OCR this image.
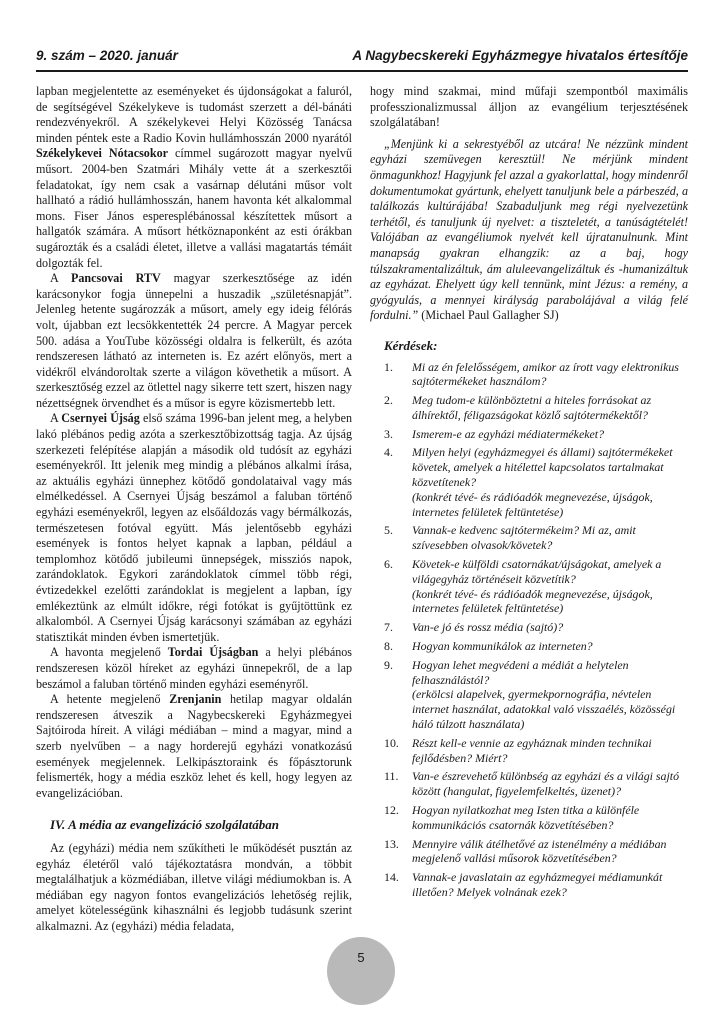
9. szám – 2020. január	A Nagybecskereki Egyházmegye hivatalos értesítője

lapban megjelentette az eseményeket és újdonságokat a faluról, de segítségével Székelykeve is tudomást szerzett a dél-bánáti rendezvényekről. A székelykevei Helyi Közösség Tanácsa minden péntek este a Radio Kovin hullámhosszán 2000 nyarától Székelykevei Nótacsokor címmel sugározott magyar nyelvű műsort. 2004-ben Szatmári Mihály vette át a szerkesztői feladatokat, így nem csak a vasárnap délutáni műsor volt hallható a rádió hullámhosszán, hanem havonta két alkalommal mons. Fiser János esperesplébánossal készítettek műsort a hallgatók számára. A műsort hétköznaponként az esti órákban sugározták és a családi életet, illetve a vallási magatartás témáit dolgozták fel.

A Pancsovai RTV magyar szerkesztősége az idén karácsonykor fogja ünnepelni a huszadik „születésnapját”. Jelenleg hetente sugározzák a műsort, amely egy ideig félórás volt, újabban ezt lecsökkentették 24 percre. A Magyar percek 500. adása a YouTube közösségi oldalra is felkerült, és azóta rendszeresen látható az interneten is. Ez azért előnyös, mert a vidékről elvándoroltak szerte a világon követhetik a műsort. A szerkesztőség ezzel az ötlettel nagy sikerre tett szert, hiszen nagy nézettségnek örvendhet és a műsor is egyre közismertebb lett.

A Csernyei Újság első száma 1996-ban jelent meg, a helyben lakó plébános pedig azóta a szerkesztőbizottság tagja. Az újság szerkezeti felépítése alapján a második old tudósít az egyházi eseményekről. Itt jelenik meg mindig a plébános alkalmi írása, az aktuális egyházi ünnephez kötődő gondolataival vagy más elmélkedéssel. A Csernyei Újság beszámol a faluban történő egyházi eseményekről, legyen az elsőáldozás vagy bérmálkozás, természetesen fotóval együtt. Más jelentősebb egyházi események is fontos helyet kapnak a lapban, például a templomhoz kötődő jubileumi ünnepségek, missziós napok, zarándoklatok. Egykori zarándoklatok címmel több régi, évtizedekkel ezelőtti zarándoklat is megjelent a lapban, így emlékeztünk az elmúlt időkre, régi fotókat is gyűjtöttünk ez alkalomból. A Csernyei Újság karácsonyi számában az egyházi statisztikát minden évben ismertetjük.

A havonta megjelenő Tordai Újságban a helyi plébános rendszeresen közöl híreket az egyházi ünnepekről, de a lap beszámol a faluban történő minden egyházi eseményről.

A hetente megjelenő Zrenjanin hetilap magyar oldalán rendszeresen átveszik a Nagybecskereki Egyházmegyei Sajtóiroda híreit. A világi médiában – mind a magyar, mind a szerb nyelvűben – a nagy horderejű egyházi vonatkozású események megjelennek. Lelkipásztoraink és főpásztorunk felismerték, hogy a média eszköz lehet és kell, hogy legyen az evangelizációban.

IV. A média az evangelizáció szolgálatában

Az (egyházi) média nem szűkítheti le működését pusztán az egyház életéről való tájékoztatásra mondván, a többit megtalálhatjuk a közmédiában, illetve világi médiumokban is. A médiában egy nagyon fontos evangelizációs lehetőség rejlik, amelyet kötelességünk kihasználni és legjobb tudásunk szerint alkalmazni. Az (egyházi) média feladata,

hogy mind szakmai, mind műfaji szempontból maximális professzionalizmussal álljon az evangélium terjesztésének szolgálatában!

„Menjünk ki a sekrestyéből az utcára! Ne nézzünk mindent egyházi szemüvegen keresztül! Ne mérjünk mindent önmagunkhoz! Hagyjunk fel azzal a gyakorlattal, hogy mindenről dokumentumokat gyártunk, ehelyett tanuljunk bele a párbeszéd, a találkozás kultúrájába! Szabaduljunk meg régi nyelvezetünk terhétől, és tanuljunk új nyelvet: a tiszteletét, a tanúságtételét! Valójában az evangéliumok nyelvét kell újratanulnunk. Mint manapság gyakran elhangzik: az a baj, hogy túlszakramentalizáltuk, ám aluleevangelizáltuk és -humanizáltuk az egyházat. Ehelyett úgy kell tennünk, mint Jézus: a remény, a gyógyulás, a mennyei királyság parabolájával a világ felé fordulni.” (Michael Paul Gallagher SJ)

Kérdések:
1.	Mi az én felelősségem, amikor az írott vagy elektronikus sajtótermékeket használom?
2.	Meg tudom-e különböztetni a hiteles forrásokat az álhírektől, féligazságokat közlő sajtótermékektől?
3.	Ismerem-e az egyházi médiatermékeket?
4.	Milyen helyi (egyházmegyei és állami) sajtótermékeket követek, amelyek a hitélettel kapcsolatos tartalmakat közvetítenek?
(konkrét tévé- és rádióadók megnevezése, újságok, internetes felületek feltüntetése)
5.	Vannak-e kedvenc sajtótermékeim? Mi az, amit szívesebben olvasok/követek?
6.	Követek-e külföldi csatornákat/újságokat, amelyek a világegyház történéseit közvetítik?
(konkrét tévé- és rádióadók megnevezése, újságok, internetes felületek feltüntetése)
7.	Van-e jó és rossz média (sajtó)?
8.	Hogyan kommunikálok az interneten?
9.	Hogyan lehet megvédeni a médiát a helytelen felhasználástól?
(erkölcsi alapelvek, gyermekpornográfia, névtelen internet használat, adatokkal való visszaélés, közösségi háló túlzott használata)
10.	Részt kell-e vennie az egyháznak minden technikai fejlődésben? Miért?
11.	Van-e észrevehető különbség az egyházi és a világi sajtó között (hangulat, figyelemfelkeltés, üzenet)?
12.	Hogyan nyilatkozhat meg Isten titka a különféle kommunikációs csatornák közvetítésében?
13.	Mennyire válik átélhetővé az istenélmény a médiában megjelenő vallási műsorok közvetítésében?
14.	Vannak-e javaslatain az egyházmegyei médiamunkát illetően? Melyek volnának ezek?
5
